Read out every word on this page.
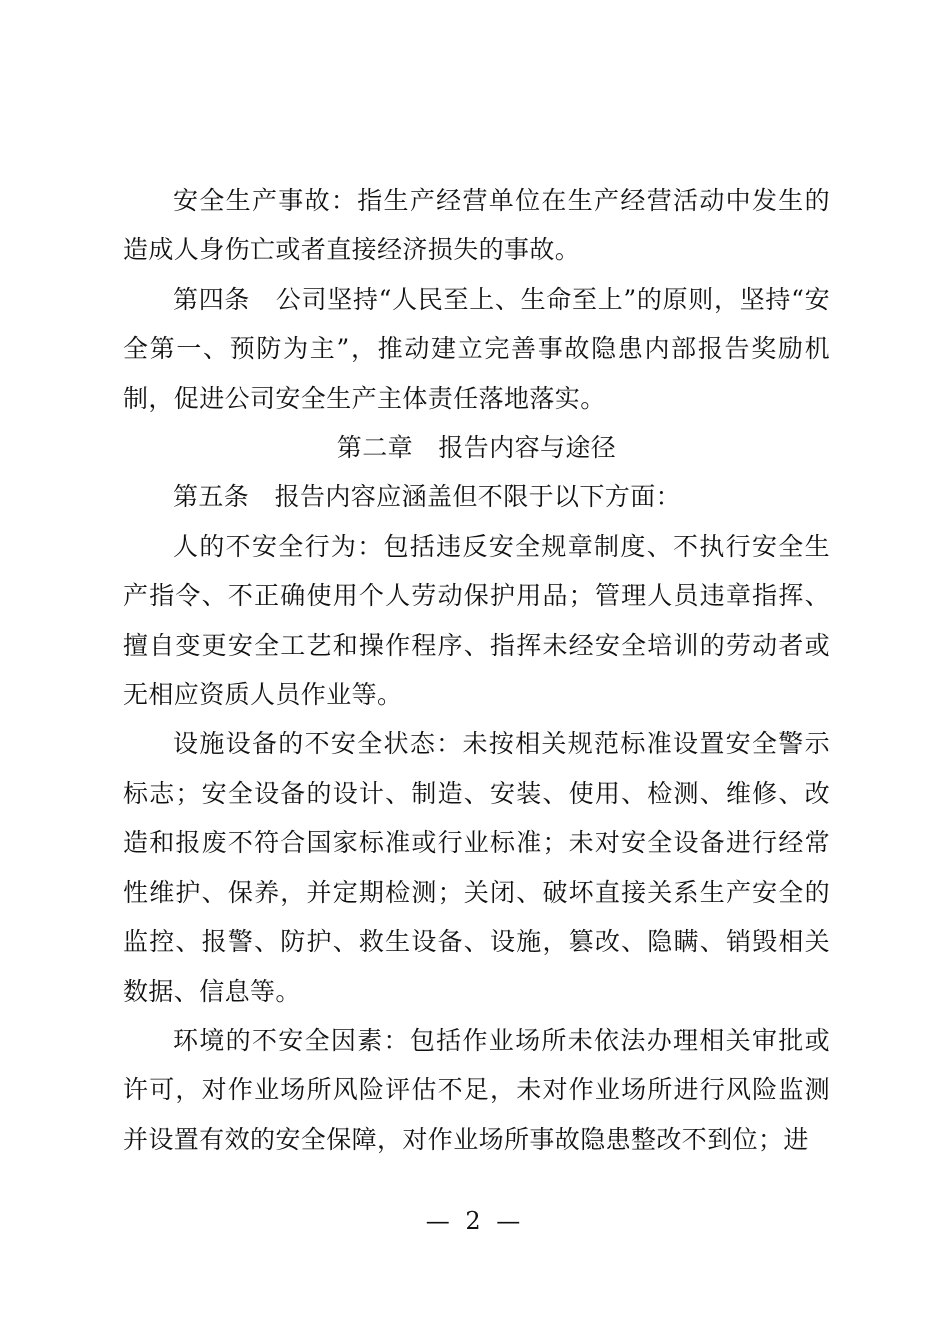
安全生产事故：指生产经营单位在生产经营活动中发生的造成人身伤亡或者直接经济损失的事故。

第四条　公司坚持“人民至上、生命至上”的原则，坚持“安全第一、预防为主”，推动建立完善事故隐患内部报告奖励机制，促进公司安全生产主体责任落地落实。

第二章　报告内容与途径

第五条　报告内容应涵盖但不限于以下方面：

人的不安全行为：包括违反安全规章制度、不执行安全生产指令、不正确使用个人劳动保护用品；管理人员违章指挥、擅自变更安全工艺和操作程序、指挥未经安全培训的劳动者或无相应资质人员作业等。

设施设备的不安全状态：未按相关规范标准设置安全警示标志；安全设备的设计、制造、安装、使用、检测、维修、改造和报废不符合国家标准或行业标准；未对安全设备进行经常性维护、保养，并定期检测；关闭、破坏直接关系生产安全的监控、报警、防护、救生设备、设施，篡改、隐瞒、销毁相关数据、信息等。

环境的不安全因素：包括作业场所未依法办理相关审批或许可，对作业场所风险评估不足，未对作业场所进行风险监测并设置有效的安全保障，对作业场所事故隐患整改不到位；进

— 2 —
